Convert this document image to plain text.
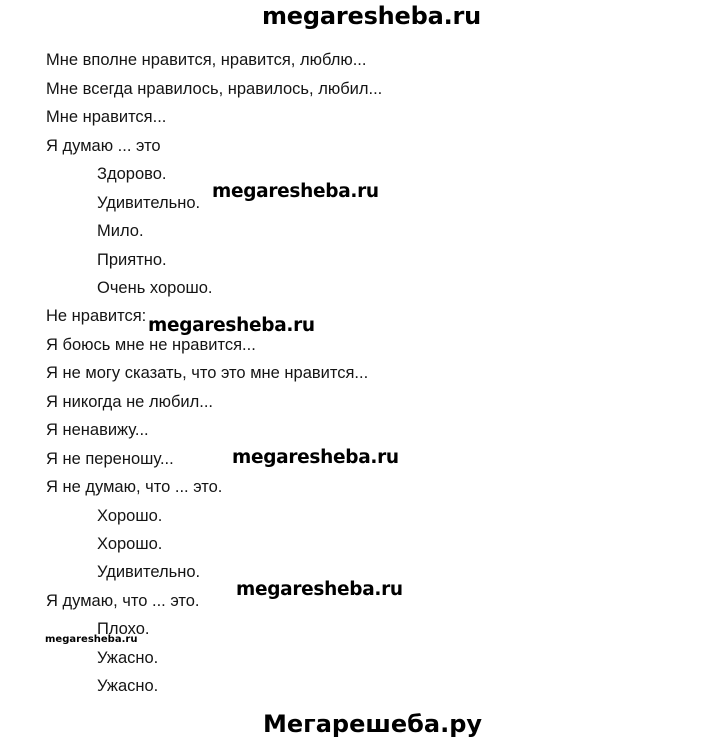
megaresheba.ru
Мне вполне нравится, нравится, люблю...
Мне всегда нравилось, нравилось, любил...
Мне нравится...
Я думаю ... это
Здорово.
Удивительно.
Мило.
Приятно.
Очень хорошо.
Не нравится:
Я боюсь мне не нравится...
Я не могу сказать, что это мне нравится...
Я никогда не любил...
Я ненавижу...
Я не переношу...
Я не думаю, что ... это.
Хорошо.
Хорошо.
Удивительно.
Я думаю, что ... это.
Плохо.
Ужасно.
Ужасно.
megaresheba.ru
megaresheba.ru
megaresheba.ru
megaresheba.ru
megaresheba.ru
Мегарешеба.ру
